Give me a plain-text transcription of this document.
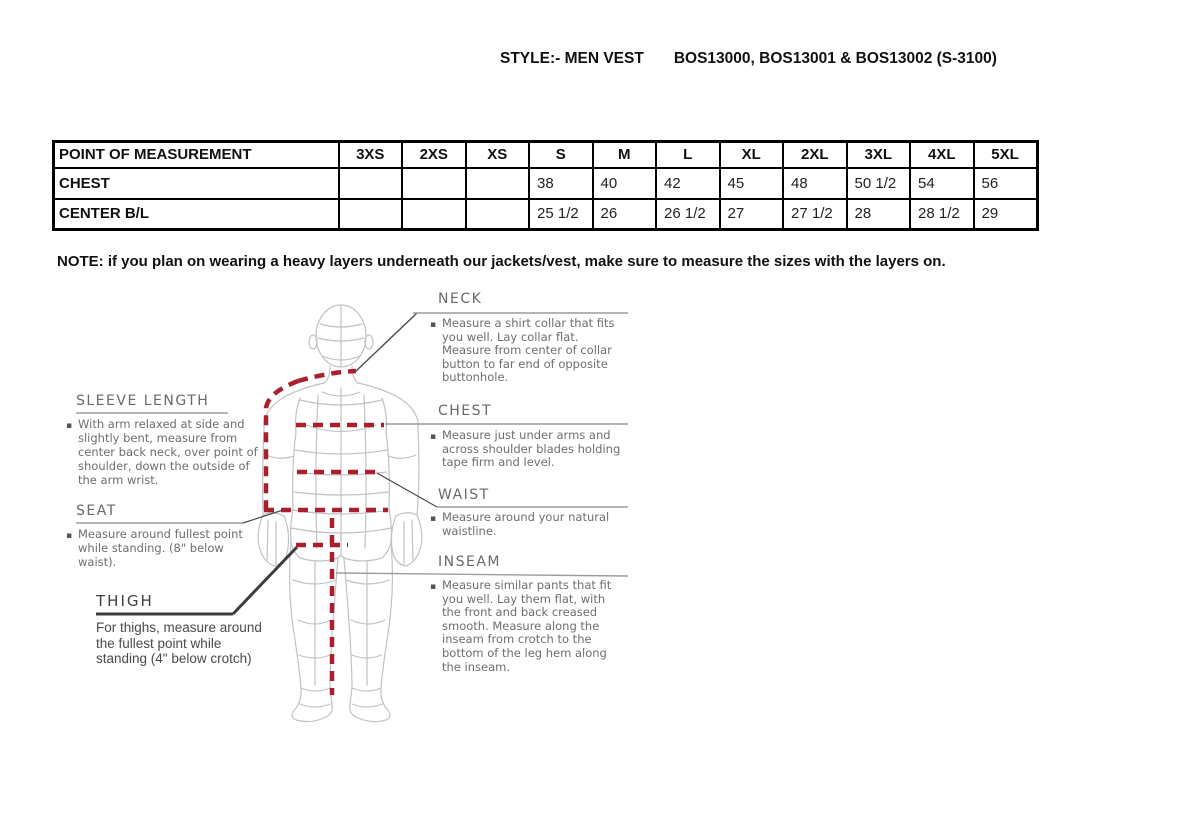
STYLE:- MEN VEST BOS13000, BOS13001 & BOS13002 (S-3100)
POINT OF MEASUREMENT	3XS	2XS	XS	S	M	L	XL	2XL	3XL	4XL	5XL
CHEST				38	40	42	45	48	50 1/2	54	56
CENTER B/L				25 1/2	26	26 1/2	27	27 1/2	28	28 1/2	29
NOTE: if you plan on wearing a heavy layers underneath our jackets/vest, make sure to measure the sizes with the layers on.
NECK
▪ Measure a shirt collar that fits you well. Lay collar flat. Measure from center of collar button to far end of opposite buttonhole.
CHEST
▪ Measure just under arms and across shoulder blades holding tape firm and level.
WAIST
▪ Measure around your natural waistline.
INSEAM
▪ Measure similar pants that fit you well. Lay them flat, with the front and back creased smooth. Measure along the inseam from crotch to the bottom of the leg hem along the inseam.
SLEEVE LENGTH
▪ With arm relaxed at side and slightly bent, measure from center back neck, over point of shoulder, down the outside of the arm wrist.
SEAT
▪ Measure around fullest point while standing. (8" below waist).
THIGH
For thighs, measure around the fullest point while standing (4" below crotch)
